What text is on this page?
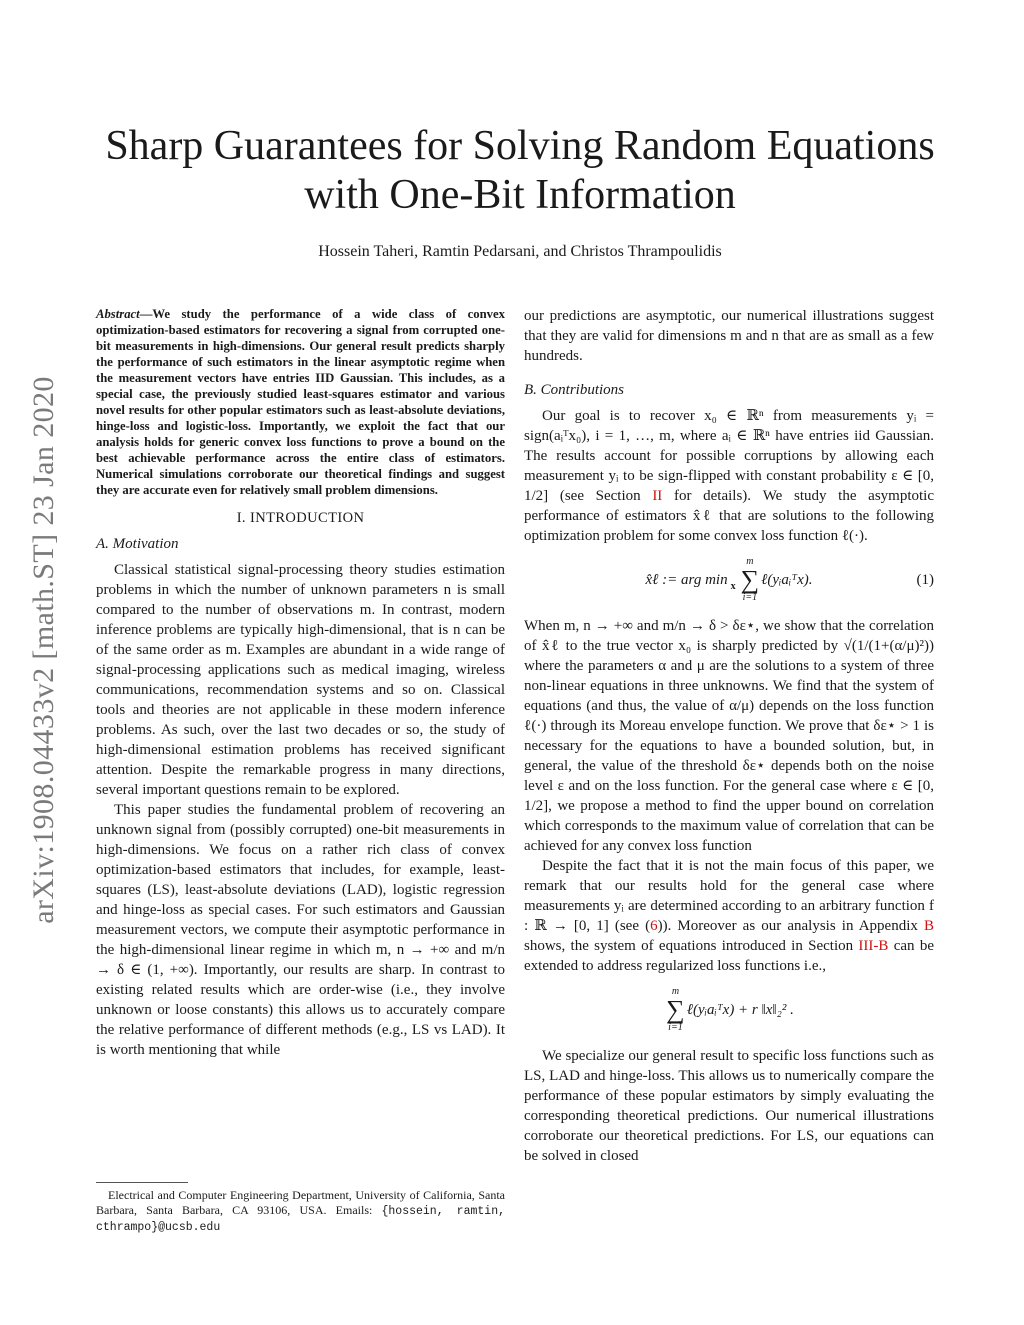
arXiv:1908.04433v2 [math.ST] 23 Jan 2020
Sharp Guarantees for Solving Random Equations with One-Bit Information
Hossein Taheri, Ramtin Pedarsani, and Christos Thrampoulidis

Abstract—We study the performance of a wide class of convex optimization-based estimators for recovering a signal from corrupted one-bit measurements in high-dimensions. Our general result predicts sharply the performance of such estimators in the linear asymptotic regime when the measurement vectors have entries IID Gaussian. This includes, as a special case, the previously studied least-squares estimator and various novel results for other popular estimators such as least-absolute deviations, hinge-loss and logistic-loss. Importantly, we exploit the fact that our analysis holds for generic convex loss functions to prove a bound on the best achievable performance across the entire class of estimators. Numerical simulations corroborate our theoretical findings and suggest they are accurate even for relatively small problem dimensions.

I. INTRODUCTION
A. Motivation

Classical statistical signal-processing theory studies estimation problems in which the number of unknown parameters n is small compared to the number of observations m. In contrast, modern inference problems are typically high-dimensional, that is n can be of the same order as m. Examples are abundant in a wide range of signal-processing applications such as medical imaging, wireless communications, recommendation systems and so on. Classical tools and theories are not applicable in these modern inference problems. As such, over the last two decades or so, the study of high-dimensional estimation problems has received significant attention. Despite the remarkable progress in many directions, several important questions remain to be explored.

This paper studies the fundamental problem of recovering an unknown signal from (possibly corrupted) one-bit measurements in high-dimensions. We focus on a rather rich class of convex optimization-based estimators that includes, for example, least-squares (LS), least-absolute deviations (LAD), logistic regression and hinge-loss as special cases. For such estimators and Gaussian measurement vectors, we compute their asymptotic performance in the high-dimensional linear regime in which m, n → +∞ and m/n → δ ∈ (1, +∞). Importantly, our results are sharp. In contrast to existing related results which are order-wise (i.e., they involve unknown or loose constants) this allows us to accurately compare the relative performance of different methods (e.g., LS vs LAD). It is worth mentioning that while

our predictions are asymptotic, our numerical illustrations suggest that they are valid for dimensions m and n that are as small as a few hundreds.

B. Contributions

Our goal is to recover x₀ ∈ ℝⁿ from measurements yᵢ = sign(aᵢᵀx₀), i = 1, …, m, where aᵢ ∈ ℝⁿ have entries iid Gaussian. The results account for possible corruptions by allowing each measurement yᵢ to be sign-flipped with constant probability ε ∈ [0, 1/2] (see Section II for details). We study the asymptotic performance of estimators x̂ℓ that are solutions to the following optimization problem for some convex loss function ℓ(·).

x̂ℓ := arg min x
m
∑
i=1
ℓ(yᵢaᵢᵀx).	(1)

When m, n → +∞ and m/n → δ > δε⋆, we show that the correlation of x̂ℓ to the true vector x₀ is sharply predicted by √(1/(1+(α/μ)²)) where the parameters α and μ are the solutions to a system of three non-linear equations in three unknowns. We find that the system of equations (and thus, the value of α/μ) depends on the loss function ℓ(·) through its Moreau envelope function. We prove that δε⋆ > 1 is necessary for the equations to have a bounded solution, but, in general, the value of the threshold δε⋆ depends both on the noise level ε and on the loss function. For the general case where ε ∈ [0, 1/2], we propose a method to find the upper bound on correlation which corresponds to the maximum value of correlation that can be achieved for any convex loss function

Despite the fact that it is not the main focus of this paper, we remark that our results hold for the general case where measurements yᵢ are determined according to an arbitrary function f : ℝ → [0, 1] (see (6)). Moreover as our analysis in Appendix B shows, the system of equations introduced in Section III-B can be extended to address regularized loss functions i.e.,

m
∑
i=1
ℓ(yᵢaᵢᵀx) + r ‖x‖₂² .

We specialize our general result to specific loss functions such as LS, LAD and hinge-loss. This allows us to numerically compare the performance of these popular estimators by simply evaluating the corresponding theoretical predictions. Our numerical illustrations corroborate our theoretical predictions. For LS, our equations can be solved in closed

Electrical and Computer Engineering Department, University of California, Santa Barbara, Santa Barbara, CA 93106, USA. Emails: {hossein, ramtin, cthrampo}@ucsb.edu
